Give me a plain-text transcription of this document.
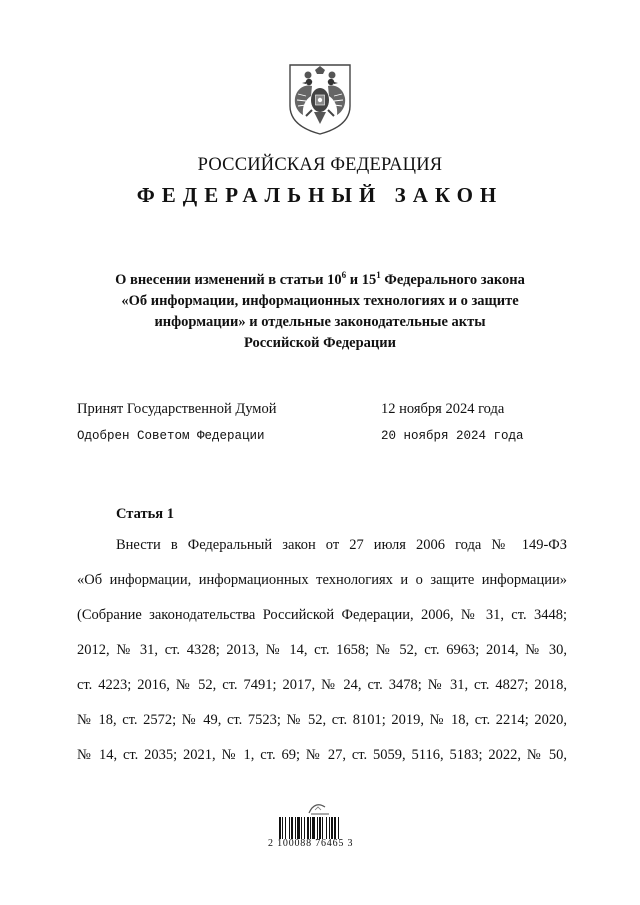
РОССИЙСКАЯ ФЕДЕРАЦИЯ
ФЕДЕРАЛЬНЫЙ ЗАКОН
О внесении изменений в статьи $10^6$ и $15^1$ Федерального закона
«Об информации, информационных технологиях и о защите
информации» и отдельные законодательные акты
Российской Федерации
Принят Государственной Думой	12 ноября 2024 года
Одобрен Советом Федерации	20 ноября 2024 года
Статья 1
Внести в Федеральный закон от 27 июля 2006 года № 149-ФЗ
«Об информации, информационных технологиях и о защите информации»
(Собрание законодательства Российской Федерации, 2006, № 31, ст. 3448;
2012, № 31, ст. 4328; 2013, № 14, ст. 1658; № 52, ст. 6963; 2014, № 30,
ст. 4223; 2016, № 52, ст. 7491; 2017, № 24, ст. 3478; № 31, ст. 4827; 2018,
№ 18, ст. 2572; № 49, ст. 7523; № 52, ст. 8101; 2019, № 18, ст. 2214; 2020,
№ 14, ст. 2035; 2021, № 1, ст. 69; № 27, ст. 5059, 5116, 5183; 2022, № 50,
2 100088 76465 3
